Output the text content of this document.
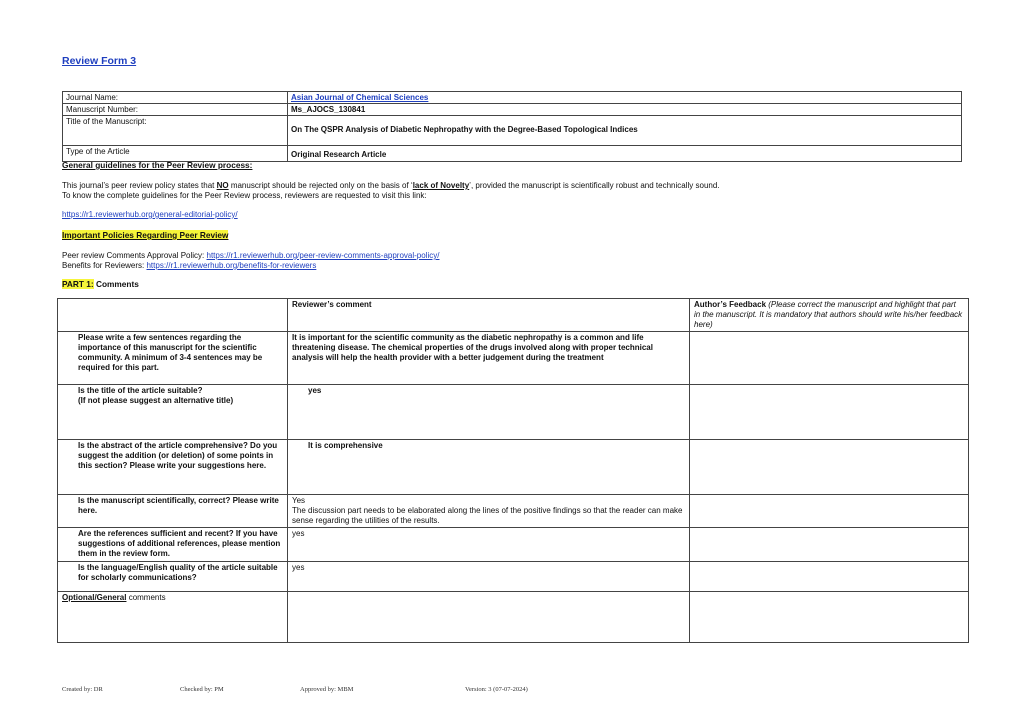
Review Form 3
Journal Name:	Asian Journal of Chemical Sciences
Manuscript Number:	Ms_AJOCS_130841
Title of the Manuscript:	On The QSPR Analysis of Diabetic Nephropathy with the Degree-Based Topological Indices
Type of the Article	Original Research Article
General guidelines for the Peer Review process:
This journal’s peer review policy states that NO manuscript should be rejected only on the basis of ‘lack of Novelty’, provided the manuscript is scientifically robust and technically sound.
To know the complete guidelines for the Peer Review process, reviewers are requested to visit this link:
https://r1.reviewerhub.org/general-editorial-policy/
Important Policies Regarding Peer Review
Peer review Comments Approval Policy: https://r1.reviewerhub.org/peer-review-comments-approval-policy/
Benefits for Reviewers: https://r1.reviewerhub.org/benefits-for-reviewers
PART 1: Comments
	Reviewer’s comment	Author’s Feedback (Please correct the manuscript and highlight that part in the manuscript. It is mandatory that authors should write his/her feedback here)
Please write a few sentences regarding the importance of this manuscript for the scientific community. A minimum of 3-4 sentences may be required for this part.	It is important for the scientific community as the diabetic nephropathy is a common and life threatening disease. The chemical properties of the drugs involved along with proper technical analysis will help the health provider with a better judgement during the treatment	
Is the title of the article suitable?
(If not please suggest an alternative title)	yes	
Is the abstract of the article comprehensive? Do you suggest the addition (or deletion) of some points in this section? Please write your suggestions here.	It is comprehensive	
Is the manuscript scientifically, correct? Please write here.	Yes
The discussion part needs to be elaborated along the lines of the positive findings so that the reader can make sense regarding the utilities of the results.	
Are the references sufficient and recent? If you have suggestions of additional references, please mention them in the review form.	yes	
Is the language/English quality of the article suitable for scholarly communications?	yes	
Optional/General comments		
Created by: DR	Checked by: PM	Approved by: MBM	Version: 3 (07-07-2024)
